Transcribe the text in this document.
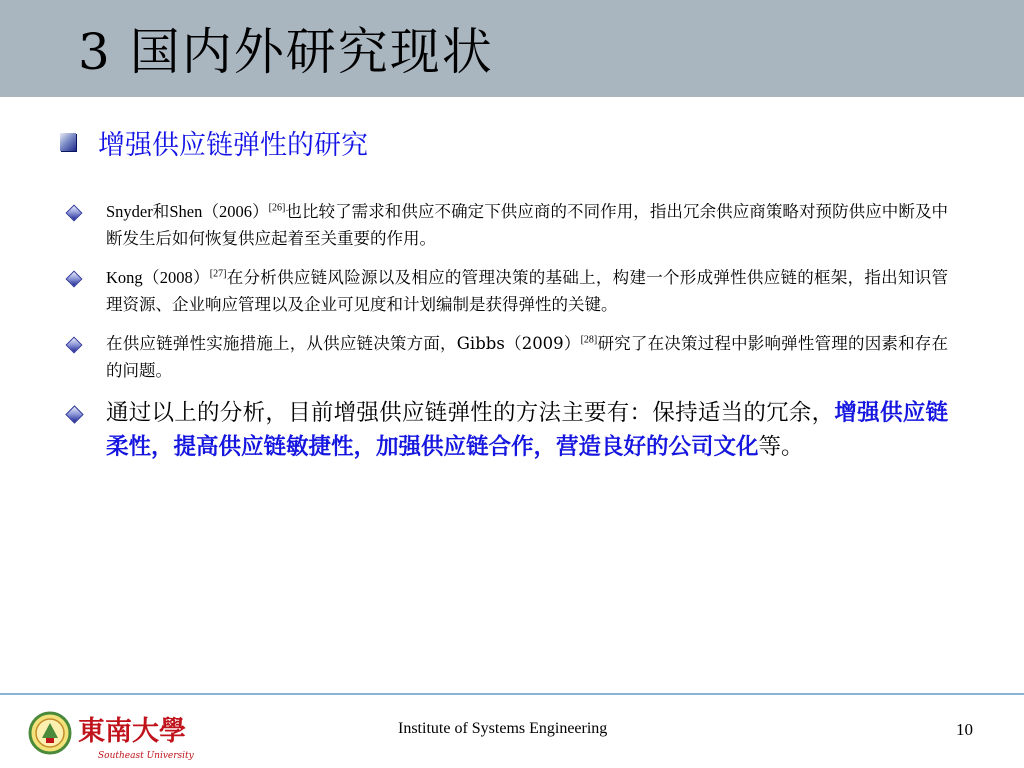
3 国内外研究现状
增强供应链弹性的研究
Snyder和Shen（2006）[26]也比较了需求和供应不确定下供应商的不同作用，指出冗余供应商策略对预防供应中断及中断发生后如何恢复供应起着至关重要的作用。
Kong（2008）[27]在分析供应链风险源以及相应的管理决策的基础上，构建一个形成弹性供应链的框架，指出知识管理资源、企业响应管理以及企业可见度和计划编制是获得弹性的关键。
在供应链弹性实施措施上，从供应链决策方面，Gibbs（2009）[28]研究了在决策过程中影响弹性管理的因素和存在的问题。
通过以上的分析，目前增强供应链弹性的方法主要有：保持适当的冗余，增强供应链柔性，提高供应链敏捷性，加强供应链合作，营造良好的公司文化等。
東南大學
Southeast University
Institute of Systems Engineering	10
